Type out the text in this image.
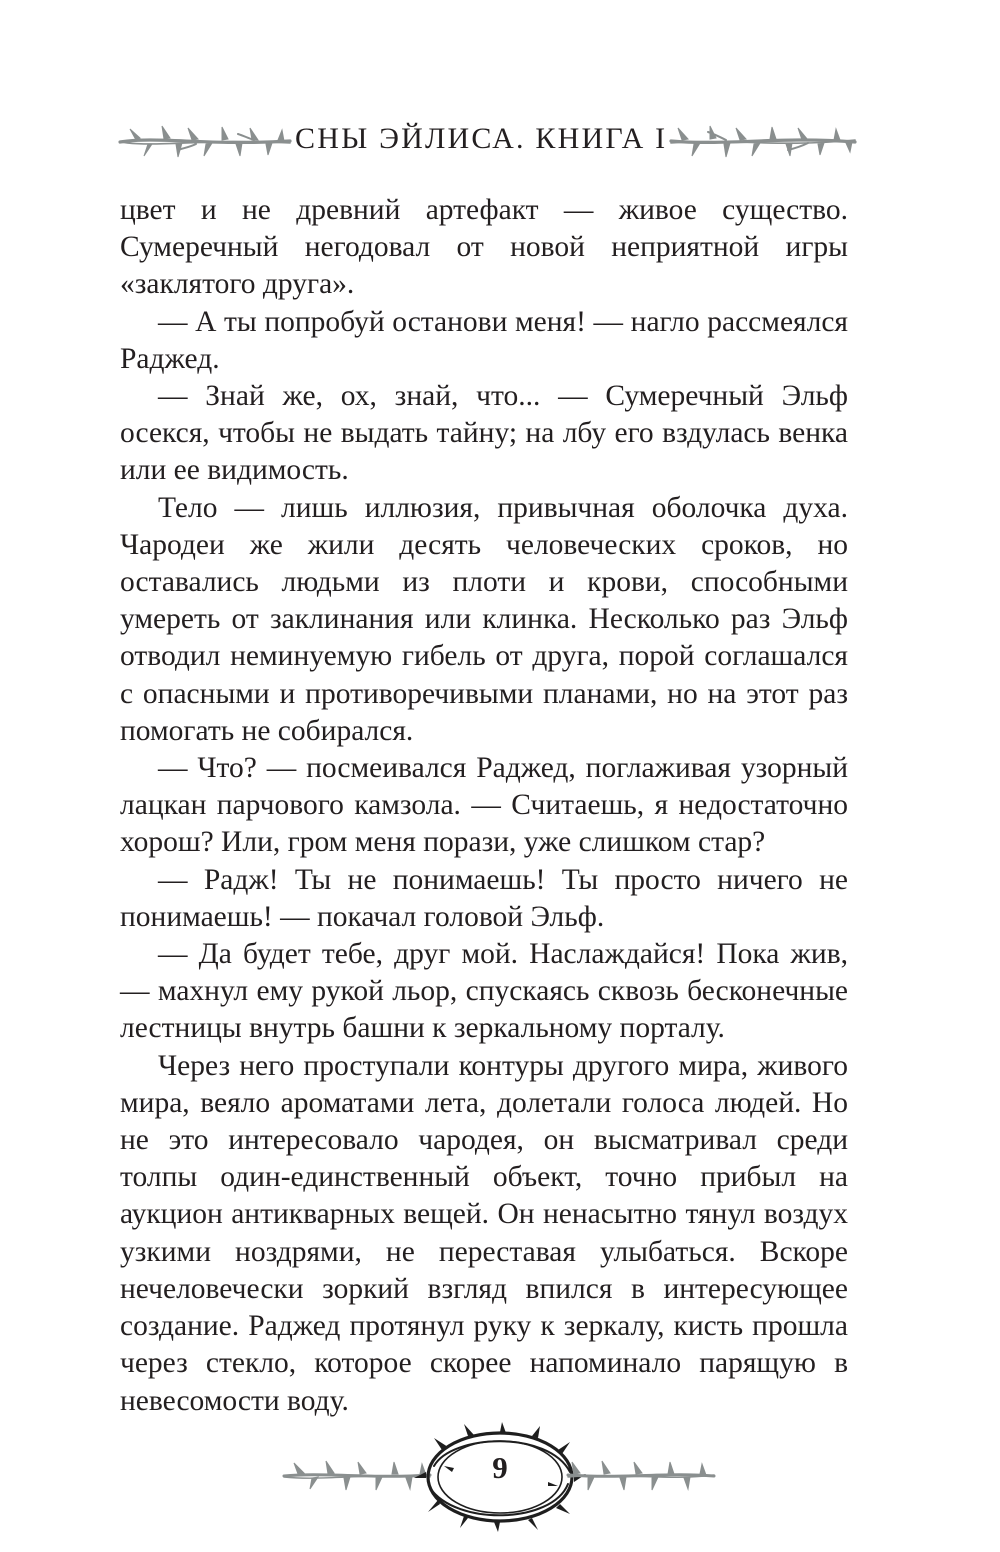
СНЫ ЭЙЛИСА. КНИГА I

цвет и не древний артефакт — живое существо. Сумеречный негодовал от новой неприятной игры «заклятого друга».

— А ты попробуй останови меня! — нагло рассмеялся Раджед.

— Знай же, ох, знай, что... — Сумеречный Эльф осекся, чтобы не выдать тайну; на лбу его вздулась венка или ее видимость.

Тело — лишь иллюзия, привычная оболочка духа. Чародеи же жили десять человеческих сроков, но оставались людьми из плоти и крови, способными умереть от заклинания или клинка. Несколько раз Эльф отводил неминуемую гибель от друга, порой соглашался с опасными и противоречивыми планами, но на этот раз помогать не собирался.

— Что? — посмеивался Раджед, поглаживая узорный лацкан парчового камзола. — Считаешь, я недостаточно хорош? Или, гром меня порази, уже слишком стар?

— Радж! Ты не понимаешь! Ты просто ничего не понимаешь! — покачал головой Эльф.

— Да будет тебе, друг мой. Наслаждайся! Пока жив, — махнул ему рукой льор, спускаясь сквозь бесконечные лестницы внутрь башни к зеркальному порталу.

Через него проступали контуры другого мира, живого мира, веяло ароматами лета, долетали голоса людей. Но не это интересовало чародея, он высматривал среди толпы один-единственный объект, точно прибыл на аукцион антикварных вещей. Он ненасытно тянул воздух узкими ноздрями, не переставая улыбаться. Вскоре нечеловечески зоркий взгляд впился в интересующее создание. Раджед протянул руку к зеркалу, кисть прошла через стекло, которое скорее напоминало парящую в невесомости воду.

9
